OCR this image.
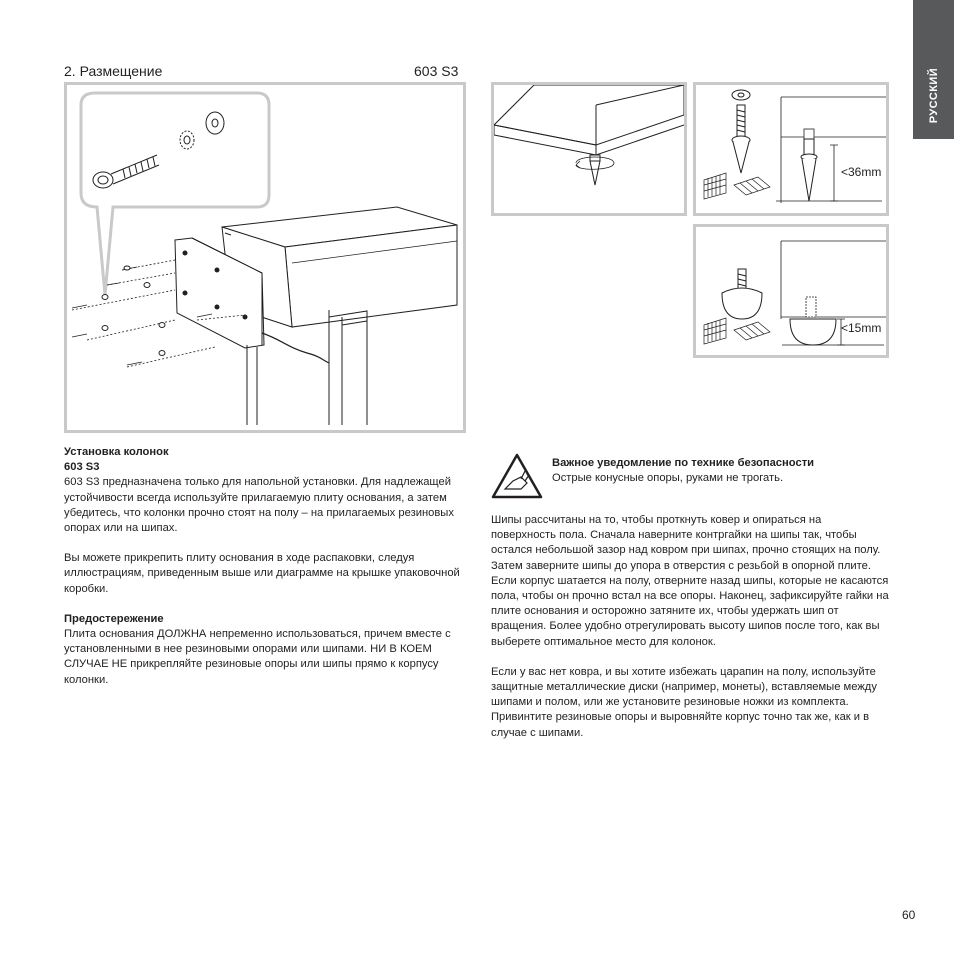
РУССКИЙ
2. Размещение	603 S3
<36mm
<15mm

Установка колонок

603 S3

603 S3 предназначена только для напольной установки. Для надлежащей устойчивости всегда используйте прилагаемую плиту основания, а затем убедитесь, что колонки прочно стоят на полу – на прилагаемых резиновых опорах или на шипах.

Вы можете прикрепить плиту основания в ходе распаковки, следуя иллюстрациям, приведенным выше или диаграмме на крышке упаковочной коробки.

Предостережение

Плита основания ДОЛЖНА непременно использоваться, причем вместе с установленными в нее резиновыми опорами или шипами. НИ В КОЕМ СЛУЧАЕ НЕ прикрепляйте резиновые опоры или шипы прямо к корпусу колонки.

Важное уведомление по технике безопасности

Острые конусные опоры, руками не трогать.

Шипы рассчитаны на то, чтобы проткнуть ковер и опираться на поверхность пола. Сначала наверните контргайки на шипы так, чтобы остался небольшой зазор над ковром при шипах, прочно стоящих на полу. Затем заверните шипы до упора в отверстия с резьбой в опорной плите. Если корпус шатается на полу, отверните назад шипы, которые не касаются пола, чтобы он прочно встал на все опоры. Наконец, зафиксируйте гайки на плите основания и осторожно затяните их, чтобы удержать шип от вращения. Более удобно отрегулировать высоту шипов после того, как вы выберете оптимальное место для колонок.

Если у вас нет ковра, и вы хотите избежать царапин на полу, используйте защитные металлические диски (например, монеты), вставляемые между шипами и полом, или же установите резиновые ножки из комплекта. Привинтите резиновые опоры и выровняйте корпус точно так же, как и в случае с шипами.

60
